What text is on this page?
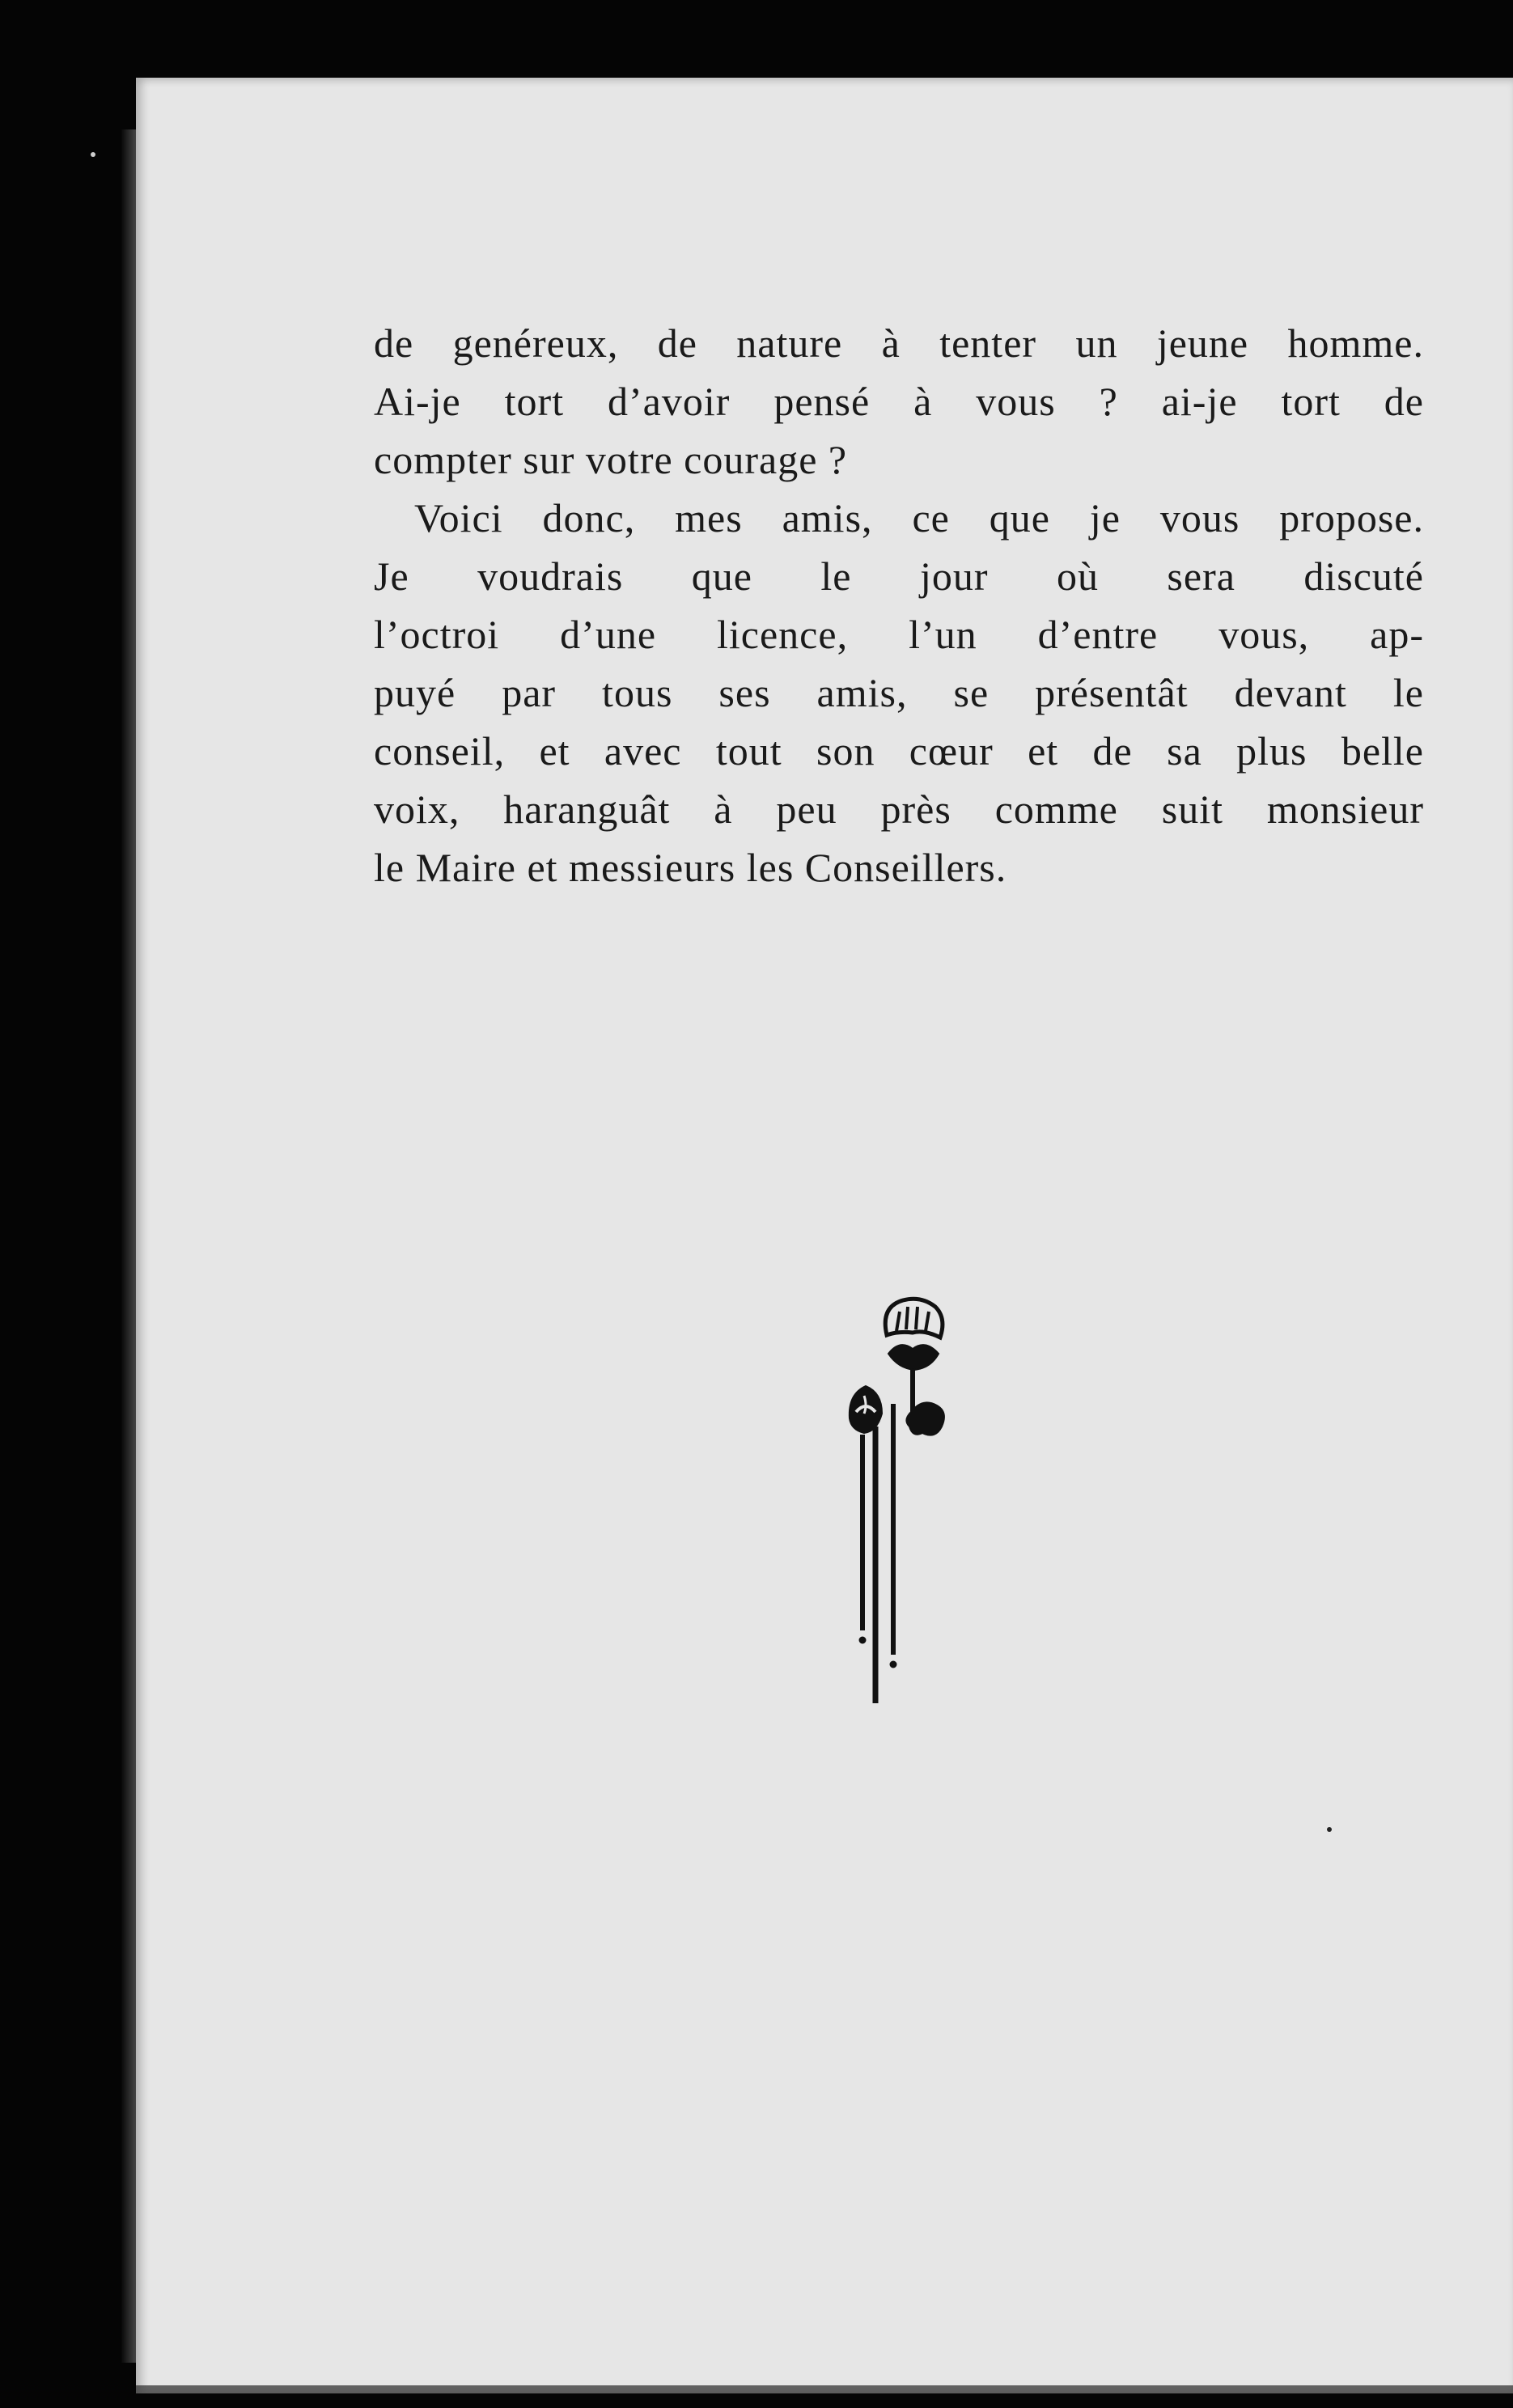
de genéreux, de nature à tenter un jeune homme.
Ai-je tort d’avoir pensé à vous ? ai-je tort de
compter sur votre courage ?
Voici donc, mes amis, ce que je vous propose.
Je voudrais que le jour où sera discuté
l’octroi d’une licence, l’un d’entre vous, ap-
puyé par tous ses amis, se présentât devant le
conseil, et avec tout son cœur et de sa plus belle
voix, haranguât à peu près comme suit monsieur
le Maire et messieurs les Conseillers.
